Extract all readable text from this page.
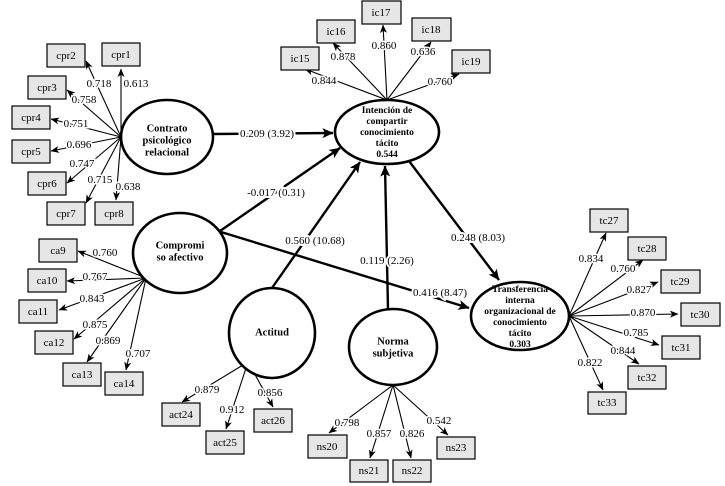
cpr1
cpr2
cpr3
cpr4
cpr5
cpr6
cpr7	cpr8
ca9
ca10
ca11
ca12
ca13
ca14
act24
act25
act26
ns20
ns21 ns22
ns23
ic15
ic16
ic17
ic18
ic19
tc27
tc28
tc29
tc30
tc31
tc32
tc33
Contrato
psicológico
relacional
Compromi
so afectivo
Actitud
Norma
subjetiva
Intención de
compartir
conocimiento
tácito
0.544
Transferencia
interna
organizacional de
conocimiento
tácito
0.303
0.613
0.718
0.758
0.751
0.696
0.747
0.715
0.638
0.760
0.767
0.843
0.875
0.869
0.707
0.879
0.912
0.856
0.798
0.857 0.826
0.542
0.844
0.878
0.860 0.636
0.760
0.834
0.760
0.827
0.870
0.785
0.844
0.822
0.209 (3.92)
-0.017 (0.31)
0.560 (10.68)
0.119 (2.26)
0.416 (8.47)
0.248 (8.03)
